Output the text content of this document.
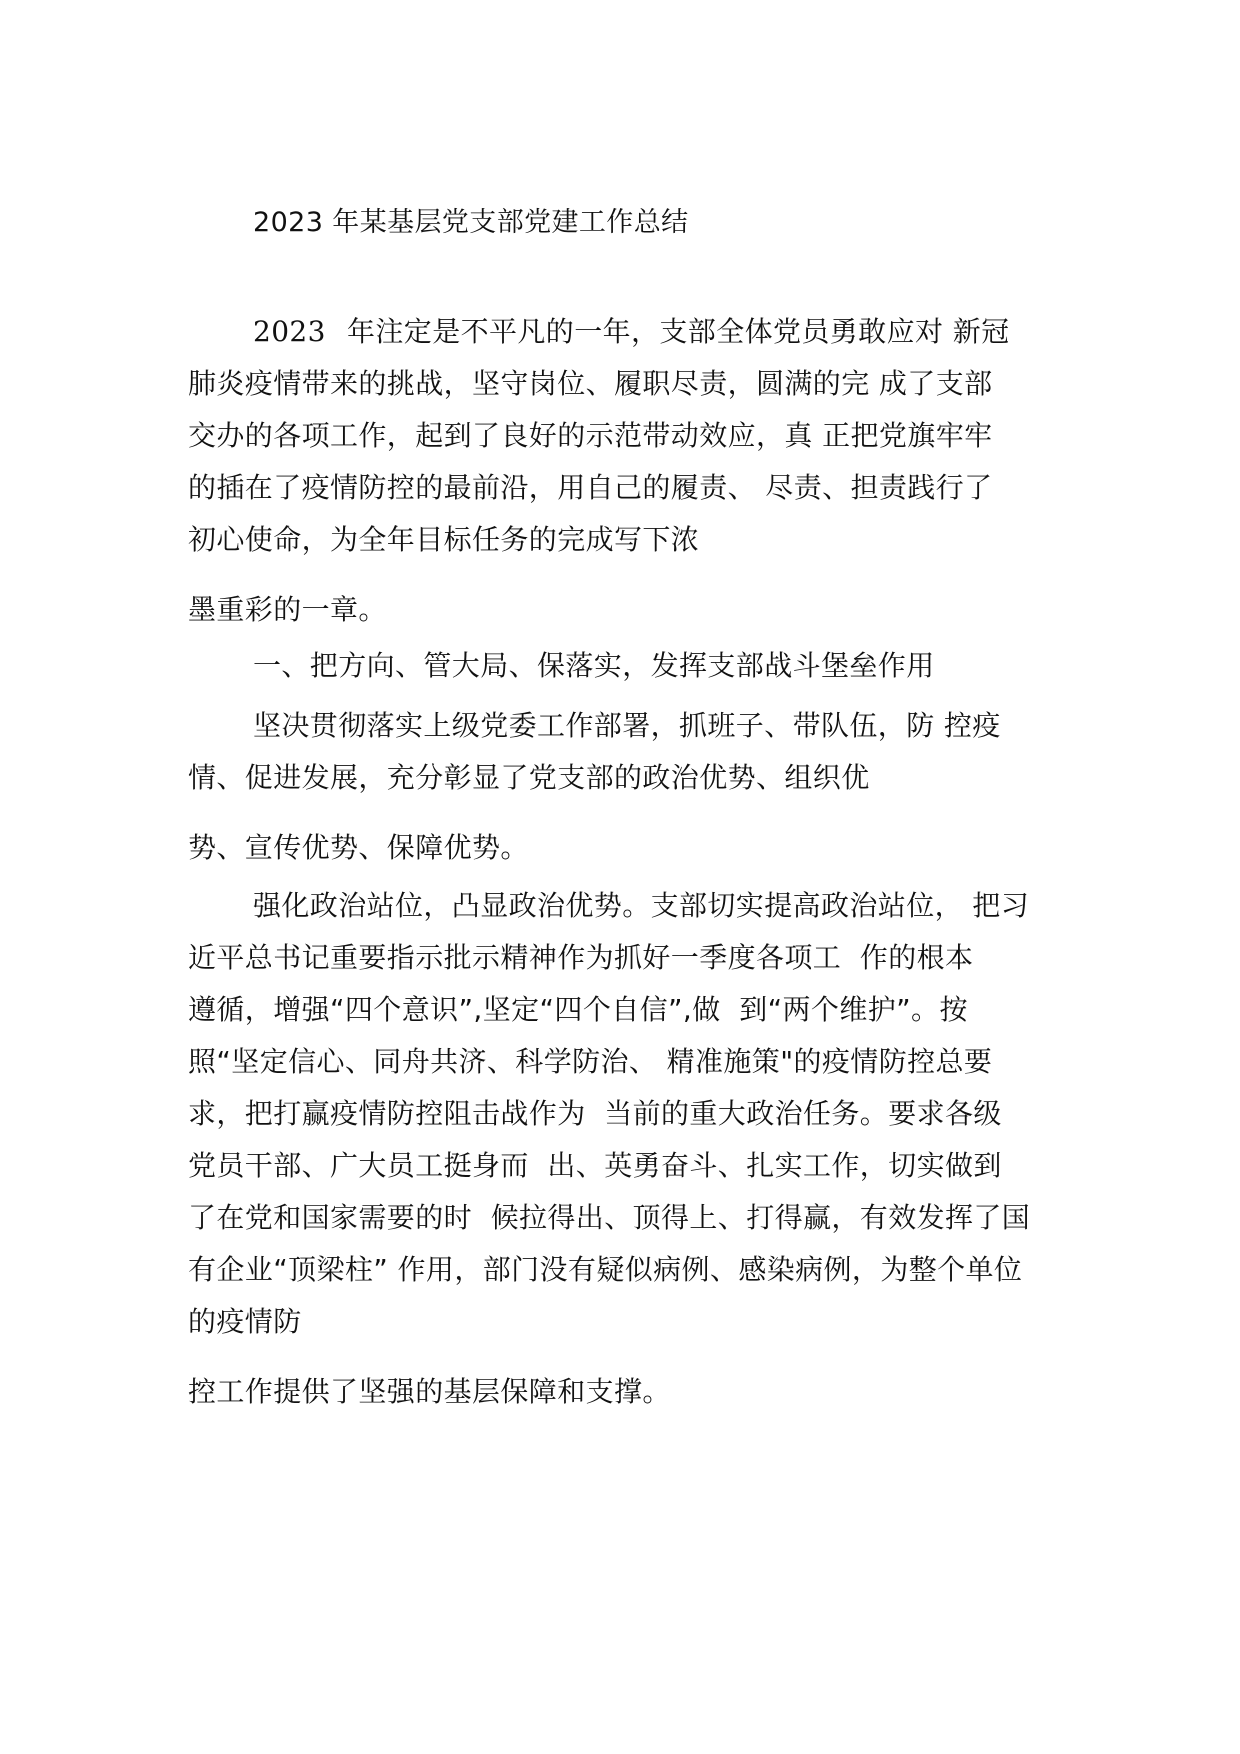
2023 年某基层党支部党建工作总结
2023 年注定是不平凡的一年，支部全体党员勇敢应对 新冠
肺炎疫情带来的挑战，坚守岗位、履职尽责，圆满的完 成了支部
交办的各项工作，起到了良好的示范带动效应，真 正把党旗牢牢
的插在了疫情防控的最前沿，用自己的履责、 尽责、担责践行了
初心使命，为全年目标任务的完成写下浓
墨重彩的一章。
一、把方向、管大局、保落实，发挥支部战斗堡垒作用
坚决贯彻落实上级党委工作部署，抓班子、带队伍，防 控疫
情、促进发展，充分彰显了党支部的政治优势、组织优
势、宣传优势、保障优势。
强化政治站位，凸显政治优势。支部切实提高政治站位， 把习
近平总书记重要指示批示精神作为抓好一季度各项工  作的根本
遵循，增强“四个意识”,坚定“四个自信”,做  到“两个维护”。按
照“坚定信心、同舟共济、科学防治、 精准施策"的疫情防控总要
求，把打赢疫情防控阻击战作为  当前的重大政治任务。要求各级
党员干部、广大员工挺身而  出、英勇奋斗、扎实工作，切实做到
了在党和国家需要的时  候拉得出、顶得上、打得赢，有效发挥了国
有企业“顶梁柱” 作用，部门没有疑似病例、感染病例，为整个单位
的疫情防
控工作提供了坚强的基层保障和支撑。
